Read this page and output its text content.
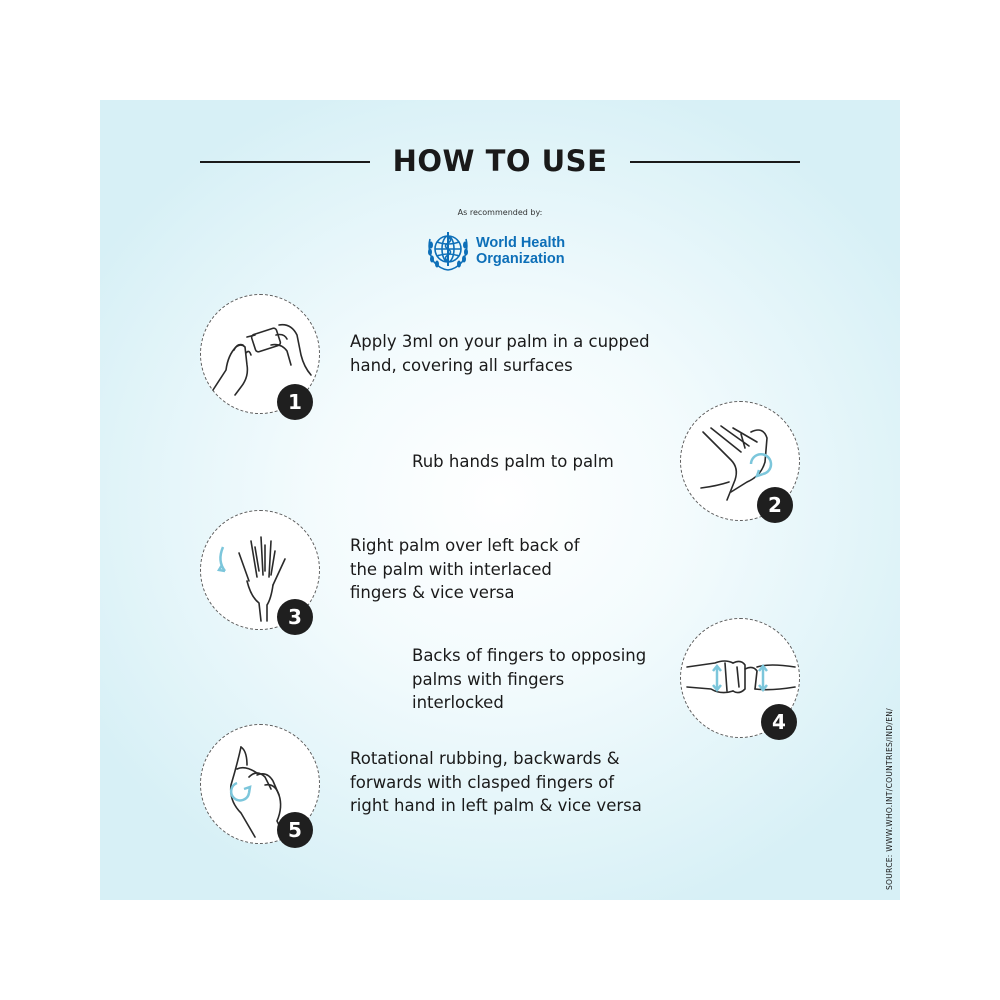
HOW TO USE
As recommended by:
World Health
Organization
1
Apply 3ml on your palm in a cupped
hand, covering all surfaces
2
Rub hands palm to palm
3
Right palm over left back of
the palm with interlaced
fingers & vice versa
4
Backs of fingers to opposing
palms with fingers
interlocked
5
Rotational rubbing, backwards &
forwards with clasped fingers of
right hand in left palm & vice versa	SOURCE: WWW.WHO.INT/COUNTRIES/IND/EN/
